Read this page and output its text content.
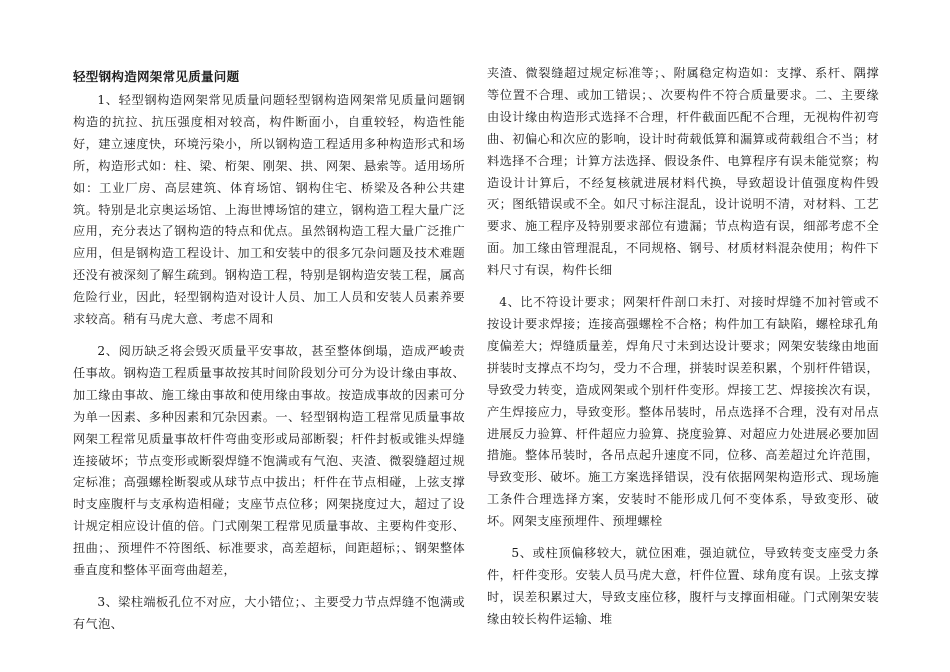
轻型钢构造网架常见质量问题

1、轻型钢构造网架常见质量问题轻型钢构造网架常见质量问题钢构造的抗拉、抗压强度相对较高，构件断面小，自重较轻，构造性能好，建立速度快，环境污染小，所以钢构造工程适用多种构造形式和场所，构造形式如：柱、梁、桁架、刚架、拱、网架、悬索等。适用场所如：工业厂房、高层建筑、体育场馆、钢构住宅、桥梁及各种公共建筑。特别是北京奥运场馆、上海世博场馆的建立，钢构造工程大量广泛应用，充分表达了钢构造的特点和优点。虽然钢构造工程大量广泛推广应用，但是钢构造工程设计、加工和安装中的很多冗杂问题及技术难题还没有被深刻了解生疏到。钢构造工程，特别是钢构造安装工程，属高危险行业，因此，轻型钢构造对设计人员、加工人员和安装人员素养要求较高。稍有马虎大意、考虑不周和

2、阅历缺乏将会毁灭质量平安事故，甚至整体倒塌，造成严峻责任事故。钢构造工程质量事故按其时间阶段划分可分为设计缘由事故、加工缘由事故、施工缘由事故和使用缘由事故。按造成事故的因素可分为单一因素、多种因素和冗杂因素。一、轻型钢构造工程常见质量事故网架工程常见质量事故杆件弯曲变形或局部断裂；杆件封板或锥头焊缝连接破坏；节点变形或断裂焊缝不饱满或有气泡、夹渣、微裂缝超过规定标准；高强螺栓断裂或从球节点中拔出；杆件在节点相碰，上弦支撑时支座腹杆与支承构造相碰；支座节点位移；网架挠度过大，超过了设计规定相应设计值的倍。门式刚架工程常见质量事故、主要构件变形、扭曲；、预埋件不符图纸、标准要求，高差超标，间距超标；、钢架整体垂直度和整体平面弯曲超差，

3、梁柱端板孔位不对应，大小错位；、主要受力节点焊缝不饱满或有气泡、

夹渣、微裂缝超过规定标准等；、附属稳定构造如：支撑、系杆、隅撑等位置不合理、或加工错误；、次要构件不符合质量要求。二、主要缘由设计缘由构造形式选择不合理，杆件截面匹配不合理，无视构件初弯曲、初偏心和次应的影响，设计时荷载低算和漏算或荷载组合不当；材料选择不合理；计算方法选择、假设条件、电算程序有误未能觉察；构造设计计算后，不经复核就进展材料代换，导致超设计值强度构件毁灭；图纸错误或不全。如尺寸标注混乱，设计说明不清，对材料、工艺要求、施工程序及特别要求部位有遗漏；节点构造有误，细部考虑不全面。加工缘由管理混乱，不同规格、钢号、材质材料混杂使用；构件下料尺寸有误，构件长细

4、比不符设计要求；网架杆件剖口未打、对接时焊缝不加衬管或不按设计要求焊接；连接高强螺栓不合格；构件加工有缺陷，螺栓球孔角度偏差大；焊缝质量差，焊角尺寸未到达设计要求；网架安装缘由地面拼装时支撑点不均匀，受力不合理，拼装时误差积累，个别杆件错误，导致受力转变，造成网架或个别杆件变形。焊接工艺、焊接挨次有误，产生焊接应力，导致变形。整体吊装时，吊点选择不合理，没有对吊点进展反力验算、杆件超应力验算、挠度验算、对超应力处进展必要加固措施。整体吊装时，各吊点起升速度不同，位移、高差超过允许范围，导致变形、破坏。施工方案选择错误，没有依据网架构造形式、现场施工条件合理选择方案，安装时不能形成几何不变体系，导致变形、破坏。网架支座预埋件、预埋螺栓

5、或柱顶偏移较大，就位困难，强迫就位，导致转变支座受力条件，杆件变形。安装人员马虎大意，杆件位置、球角度有误。上弦支撑时，误差积累过大，导致支座位移，腹杆与支撑面相碰。门式刚架安装缘由较长构件运输、堆
